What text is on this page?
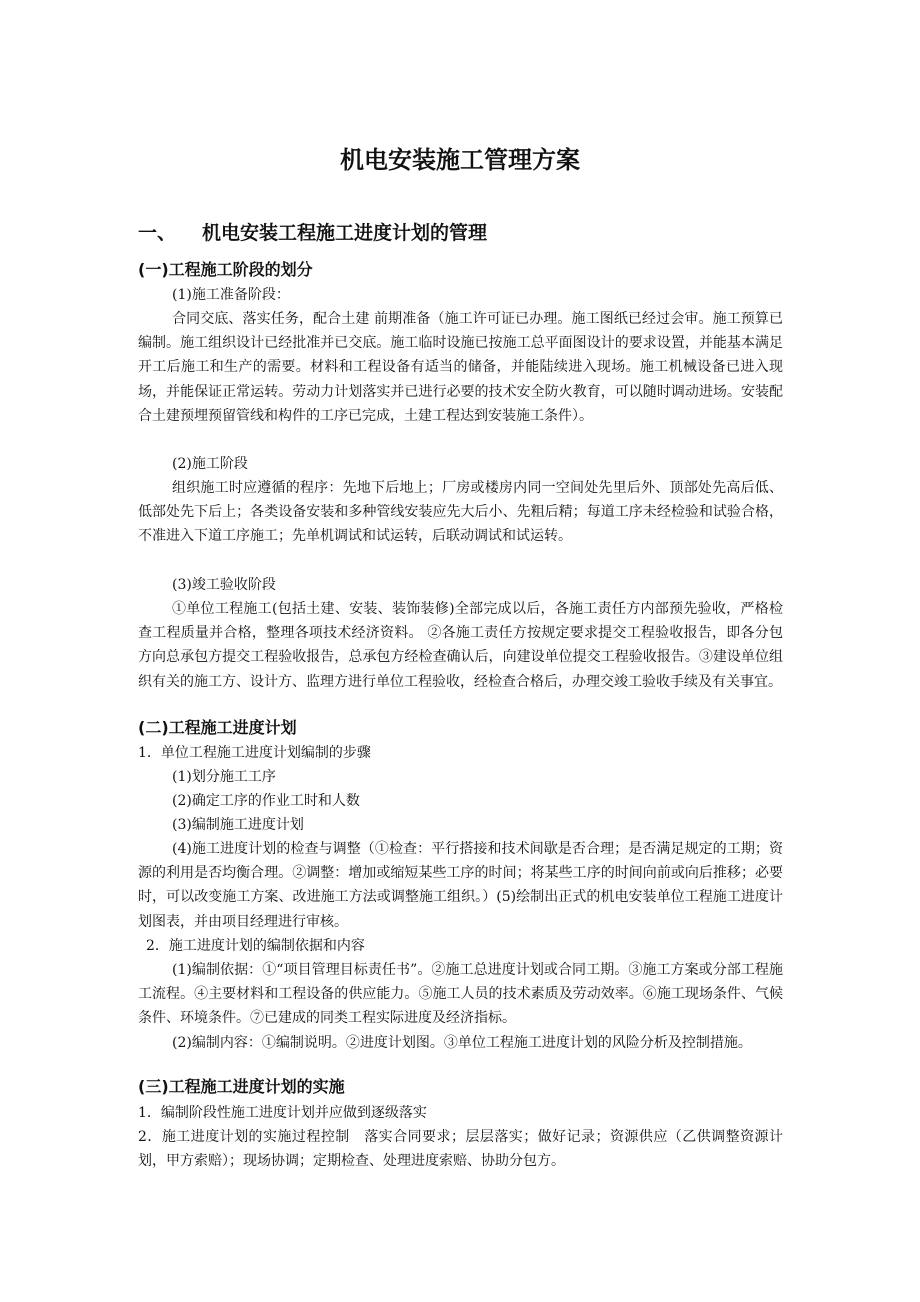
机电安装施工管理方案
一、 机电安装工程施工进度计划的管理
(一)工程施工阶段的划分
(1)施工准备阶段：
合同交底、落实任务，配合土建 前期准备（施工许可证已办理。施工图纸已经过会审。施工预算已编制。施工组织设计已经批准并已交底。施工临时设施已按施工总平面图设计的要求设置，并能基本满足开工后施工和生产的需要。材料和工程设备有适当的储备，并能陆续进入现场。施工机械设备已进入现场，并能保证正常运转。劳动力计划落实并已进行必要的技术安全防火教育，可以随时调动进场。安装配合土建预埋预留管线和构件的工序已完成，土建工程达到安装施工条件）。
(2)施工阶段
组织施工时应遵循的程序：先地下后地上；厂房或楼房内同一空间处先里后外、顶部处先高后低、低部处先下后上；各类设备安装和多种管线安装应先大后小、先粗后精；每道工序未经检验和试验合格，不准进入下道工序施工；先单机调试和试运转，后联动调试和试运转。
(3)竣工验收阶段
①单位工程施工(包括土建、安装、装饰装修)全部完成以后，各施工责任方内部预先验收，严格检查工程质量并合格，整理各项技术经济资料。 ②各施工责任方按规定要求提交工程验收报告，即各分包方向总承包方提交工程验收报告，总承包方经检查确认后，向建设单位提交工程验收报告。③建设单位组织有关的施工方、设计方、监理方进行单位工程验收，经检查合格后，办理交竣工验收手续及有关事宜。
(二)工程施工进度计划
1．单位工程施工进度计划编制的步骤
(1)划分施工工序
(2)确定工序的作业工时和人数
(3)编制施工进度计划
(4)施工进度计划的检查与调整（①检查：平行搭接和技术间歇是否合理；是否满足规定的工期；资源的利用是否均衡合理。②调整：增加或缩短某些工序的时间；将某些工序的时间向前或向后推移；必要时，可以改变施工方案、改进施工方法或调整施工组织。）(5)绘制出正式的机电安装单位工程施工进度计划图表，并由项目经理进行审核。
2．施工进度计划的编制依据和内容
(1)编制依据：①“项目管理目标责任书”。②施工总进度计划或合同工期。③施工方案或分部工程施工流程。④主要材料和工程设备的供应能力。⑤施工人员的技术素质及劳动效率。⑥施工现场条件、气候条件、环境条件。⑦已建成的同类工程实际进度及经济指标。
(2)编制内容：①编制说明。②进度计划图。③单位工程施工进度计划的风险分析及控制措施。
(三)工程施工进度计划的实施
1．编制阶段性施工进度计划并应做到逐级落实
2．施工进度计划的实施过程控制　落实合同要求；层层落实；做好记录；资源供应（乙供调整资源计划，甲方索赔）；现场协调；定期检查、处理进度索赔、协助分包方。
